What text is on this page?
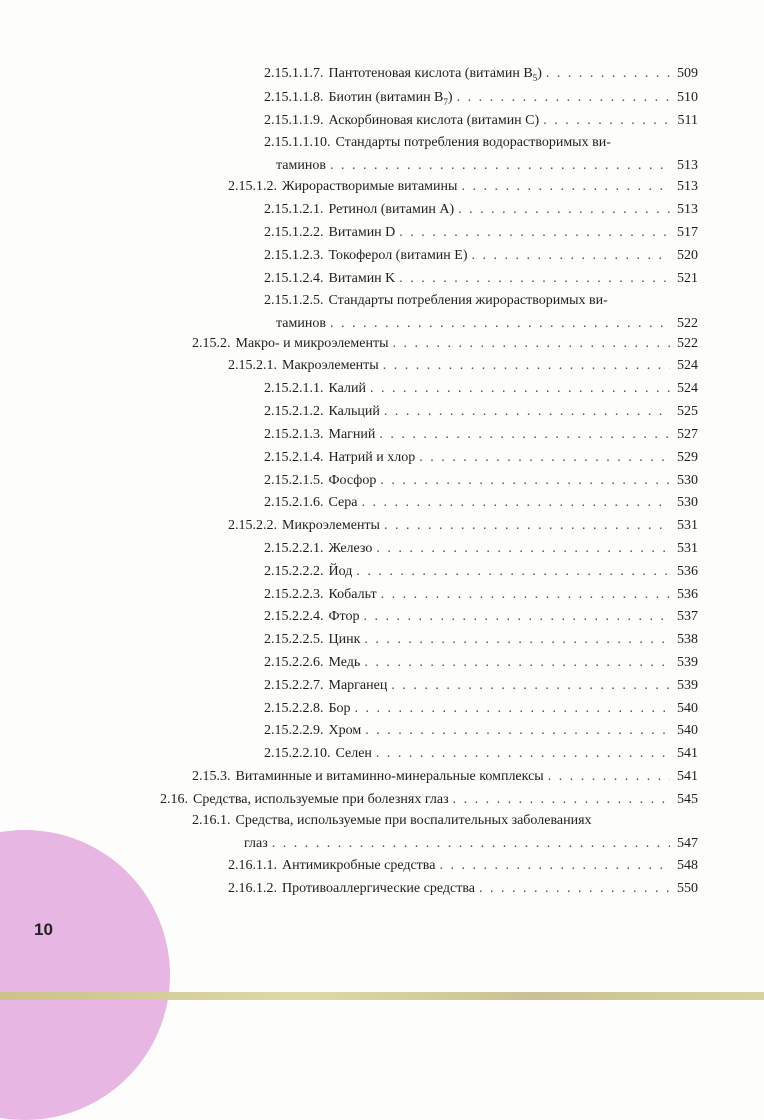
10
2.15.1.1.7. Пантотеновая кислота (витамин $B_5$) . . .	509
2.15.1.1.8. Биотин (витамин $B_7$) . . .	510
2.15.1.1.9. Аскорбиновая кислота (витамин C) . . .	511
2.15.1.1.10. Стандарты потребления водорастворимых ви-
таминов . . .	513
2.15.1.2. Жирорастворимые витамины . . .	513
2.15.1.2.1. Ретинол (витамин А) . . .	513
2.15.1.2.2. Витамин D . . .	517
2.15.1.2.3. Токоферол (витамин Е) . . .	520
2.15.1.2.4. Витамин K . . .	521
2.15.1.2.5. Стандарты потребления жирорастворимых ви-
таминов . . .	522
2.15.2. Макро- и микроэлементы . . .	522
2.15.2.1. Макроэлементы . . .	524
2.15.2.1.1. Калий . . .	524
2.15.2.1.2. Кальций . . .	525
2.15.2.1.3. Магний . . .	527
2.15.2.1.4. Натрий и хлор . . .	529
2.15.2.1.5. Фосфор . . .	530
2.15.2.1.6. Сера . . .	530
2.15.2.2. Микроэлементы . . .	531
2.15.2.2.1. Железо . . .	531
2.15.2.2.2. Йод . . .	536
2.15.2.2.3. Кобальт . . .	536
2.15.2.2.4. Фтор . . .	537
2.15.2.2.5. Цинк . . .	538
2.15.2.2.6. Медь . . .	539
2.15.2.2.7. Марганец . . .	539
2.15.2.2.8. Бор . . .	540
2.15.2.2.9. Хром . . .	540
2.15.2.2.10. Селен . . .	541
2.15.3. Витаминные и витаминно-минеральные комплексы . . .	541
2.16. Средства, используемые при болезнях глаз . . .	545
2.16.1. Средства, используемые при воспалительных заболеваниях
глаз . . .	547
2.16.1.1. Антимикробные средства . . .	548
2.16.1.2. Противоаллергические средства . . .	550
